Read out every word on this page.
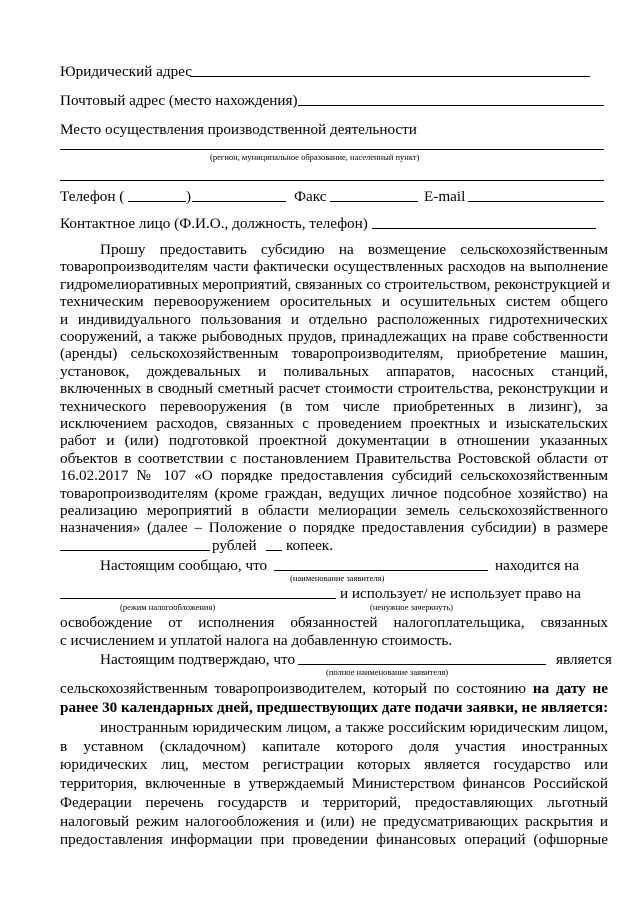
Юридический адрес
Почтовый адрес (место нахождения)
Место осуществления производственной деятельности
(регион, муниципальное образование, населенный пункт)
Телефон (	)	Факс	E-mail
Контактное лицо (Ф.И.О., должность, телефон)
Прошу предоставить субсидию на возмещение сельскохозяйственным
товаропроизводителям части фактически осуществленных расходов на выполнение
гидромелиоративных мероприятий, связанных со строительством, реконструкцией и
техническим перевооружением оросительных и осушительных систем общего
и индивидуального пользования и отдельно расположенных гидротехнических
сооружений, а также рыбоводных прудов, принадлежащих на праве собственности
(аренды) сельскохозяйственным товаропроизводителям, приобретение машин,
установок, дождевальных и поливальных аппаратов, насосных станций,
включенных в сводный сметный расчет стоимости строительства, реконструкции и
технического перевооружения (в том числе приобретенных в лизинг), за
исключением расходов, связанных с проведением проектных и изыскательских
работ и (или) подготовкой проектной документации в отношении указанных
объектов в соответствии с постановлением Правительства Ростовской области от
16.02.2017 № 107 «О порядке предоставления субсидий сельскохозяйственным
товаропроизводителям (кроме граждан, ведущих личное подсобное хозяйство) на
реализацию мероприятий в области мелиорации земель сельскохозяйственного
назначения» (далее – Положение о порядке предоставления субсидии) в размере
рублей копеек.
Настоящим сообщаю, что	находится на
(наименование заявителя)
и использует/ не использует право на
(режим налогообложения)	(ненужное зачеркнуть)
освобождение от исполнения обязанностей налогоплательщика, связанных
с исчислением и уплатой налога на добавленную стоимость.
Настоящим подтверждаю, что	является
(полное наименование заявителя)
сельскохозяйственным товаропроизводителем, который по состоянию на дату не
ранее 30 календарных дней, предшествующих дате подачи заявки, не является:
иностранным юридическим лицом, а также российским юридическим лицом,
в уставном (складочном) капитале которого доля участия иностранных
юридических лиц, местом регистрации которых является государство или
территория, включенные в утверждаемый Министерством финансов Российской
Федерации перечень государств и территорий, предоставляющих льготный
налоговый режим налогообложения и (или) не предусматривающих раскрытия и
предоставления информации при проведении финансовых операций (офшорные
